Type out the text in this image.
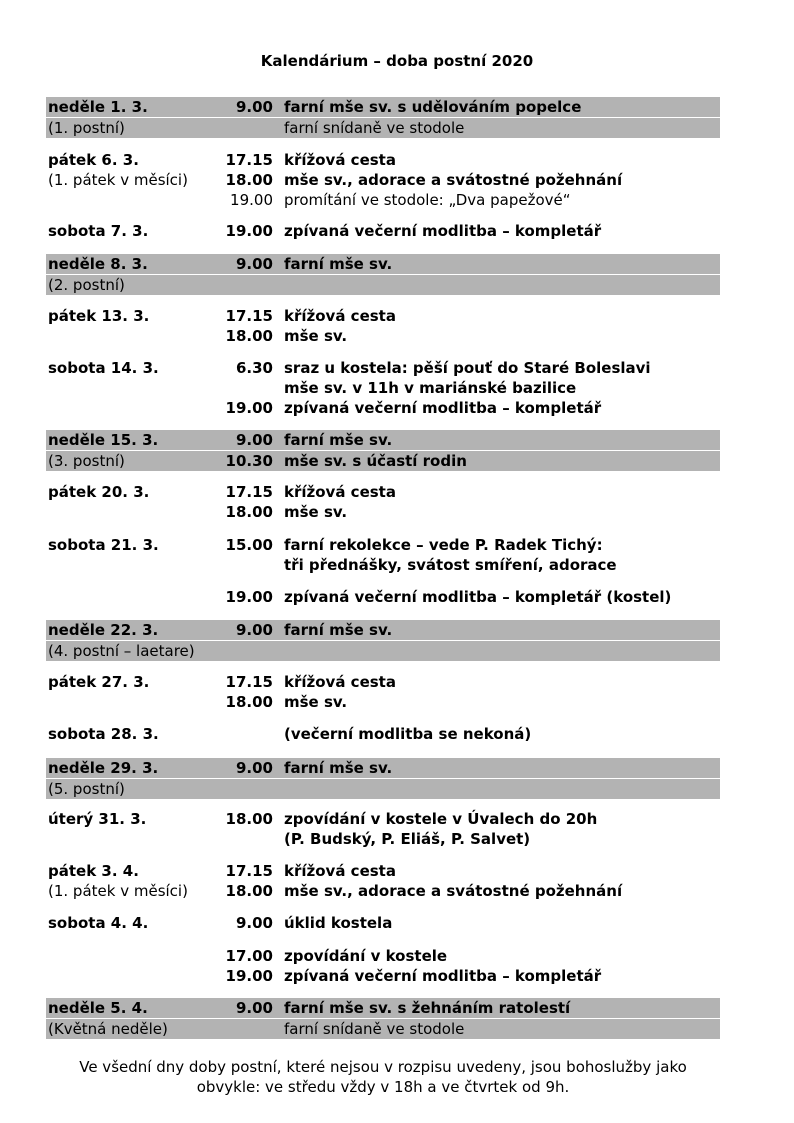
Kalendárium – doba postní 2020
neděle 1. 3.	9.00 farní mše sv. s udělováním popelce
(1. postní)	farní snídaně ve stodole
pátek 6. 3.	17.15 křížová cesta
(1. pátek v měsíci)	18.00 mše sv., adorace a svátostné požehnání
19.00 promítání ve stodole: „Dva papežové“
sobota 7. 3.	19.00 zpívaná večerní modlitba – kompletář
neděle 8. 3.	9.00 farní mše sv.
(2. postní)
pátek 13. 3.	17.15 křížová cesta
18.00 mše sv.
sobota 14. 3.	6.30 sraz u kostela: pěší pouť do Staré Boleslavi
mše sv. v 11h v mariánské bazilice
19.00 zpívaná večerní modlitba – kompletář
neděle 15. 3.	9.00 farní mše sv.
(3. postní)	10.30 mše sv. s účastí rodin
pátek 20. 3.	17.15 křížová cesta
18.00 mše sv.
sobota 21. 3.	15.00 farní rekolekce – vede P. Radek Tichý:
tři přednášky, svátost smíření, adorace
19.00 zpívaná večerní modlitba – kompletář (kostel)
neděle 22. 3.	9.00 farní mše sv.
(4. postní – laetare)
pátek 27. 3.	17.15 křížová cesta
18.00 mše sv.
sobota 28. 3.	(večerní modlitba se nekoná)
neděle 29. 3.	9.00 farní mše sv.
(5. postní)
úterý 31. 3.	18.00 zpovídání v kostele v Úvalech do 20h
(P. Budský, P. Eliáš, P. Salvet)
pátek 3. 4.	17.15 křížová cesta
(1. pátek v měsíci)	18.00 mše sv., adorace a svátostné požehnání
sobota 4. 4.	9.00 úklid kostela
17.00 zpovídání v kostele
19.00 zpívaná večerní modlitba – kompletář
neděle 5. 4.	9.00 farní mše sv. s žehnáním ratolestí
(Květná neděle)	farní snídaně ve stodole
Ve všední dny doby postní, které nejsou v rozpisu uvedeny, jsou bohoslužby jako
obvykle: ve středu vždy v 18h a ve čtvrtek od 9h.
